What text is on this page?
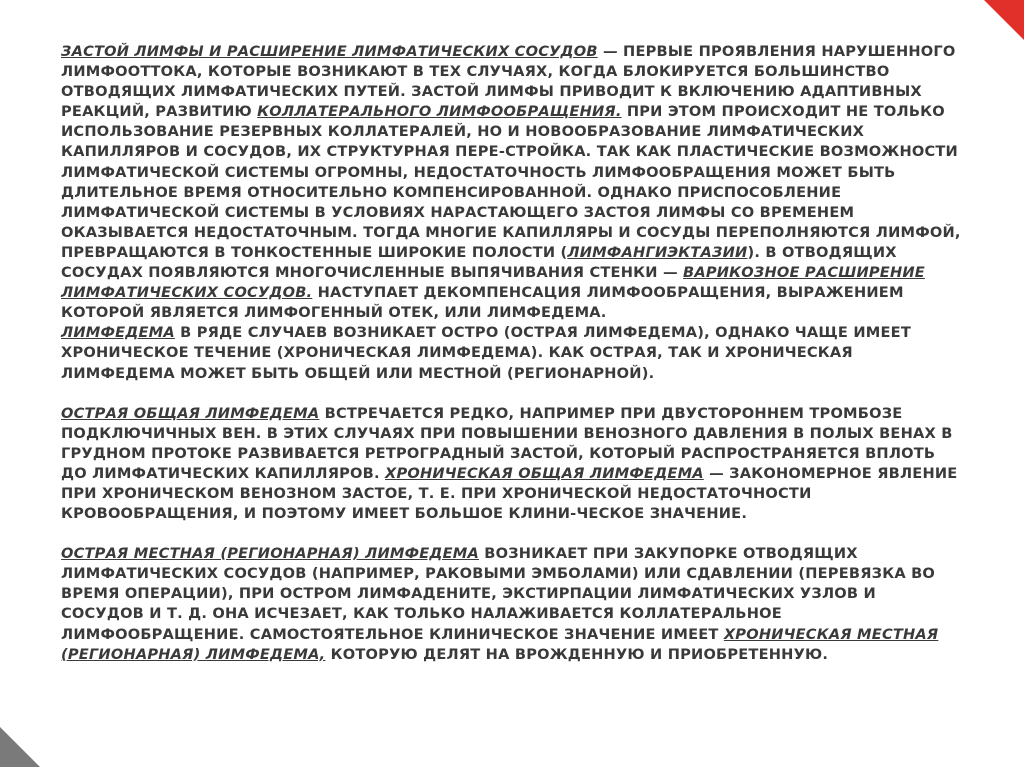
ЗАСТОЙ ЛИМФЫ И РАСШИРЕНИЕ ЛИМФАТИЧЕСКИХ СОСУДОВ — ПЕРВЫЕ ПРОЯВЛЕНИЯ НАРУШЕННОГО ЛИМФООТТОКА, КОТОРЫЕ ВОЗНИКАЮТ В ТЕХ СЛУЧАЯХ, КОГДА БЛОКИРУЕТСЯ БОЛЬШИНСТВО ОТВОДЯЩИХ ЛИМФАТИЧЕСКИХ ПУТЕЙ. ЗАСТОЙ ЛИМФЫ ПРИВОДИТ К ВКЛЮЧЕНИЮ АДАПТИВНЫХ РЕАКЦИЙ, РАЗВИТИЮ КОЛЛАТЕРАЛЬНОГО ЛИМФООБРАЩЕНИЯ. ПРИ ЭТОМ ПРОИСХОДИТ НЕ ТОЛЬКО ИСПОЛЬЗОВАНИЕ РЕЗЕРВНЫХ КОЛЛАТЕРАЛЕЙ, НО И НОВООБРАЗОВАНИЕ ЛИМФАТИЧЕСКИХ КАПИЛЛЯРОВ И СОСУДОВ, ИХ СТРУКТУРНАЯ ПЕРЕ-СТРОЙКА. ТАК КАК ПЛАСТИЧЕСКИЕ ВОЗМОЖНОСТИ ЛИМФАТИЧЕСКОЙ СИСТЕМЫ ОГРОМНЫ, НЕДОСТАТОЧНОСТЬ ЛИМФООБРАЩЕНИЯ МОЖЕТ БЫТЬ ДЛИТЕЛЬНОЕ ВРЕМЯ ОТНОСИТЕЛЬНО КОМПЕНСИРОВАННОЙ. ОДНАКО ПРИСПОСОБЛЕНИЕ ЛИМФАТИЧЕСКОЙ СИСТЕМЫ В УСЛОВИЯХ НАРАСТАЮЩЕГО ЗАСТОЯ ЛИМФЫ СО ВРЕМЕНЕМ ОКАЗЫВАЕТСЯ НЕДОСТАТОЧНЫМ. ТОГДА МНОГИЕ КАПИЛЛЯРЫ И СОСУДЫ ПЕРЕПОЛНЯЮТСЯ ЛИМФОЙ, ПРЕВРАЩАЮТСЯ В ТОНКОСТЕННЫЕ ШИРОКИЕ ПОЛОСТИ (ЛИМФАНГИЭКТАЗИИ). В ОТВОДЯЩИХ СОСУДАХ ПОЯВЛЯЮТСЯ МНОГОЧИСЛЕННЫЕ ВЫПЯЧИВАНИЯ СТЕНКИ — ВАРИКОЗНОЕ РАСШИРЕНИЕ ЛИМФАТИЧЕСКИХ СОСУДОВ. НАСТУПАЕТ ДЕКОМПЕНСАЦИЯ ЛИМФООБРАЩЕНИЯ, ВЫРАЖЕНИЕМ КОТОРОЙ ЯВЛЯЕТСЯ ЛИМФОГЕННЫЙ ОТЕК, ИЛИ ЛИМФЕДЕМА.

ЛИМФЕДЕМА В РЯДЕ СЛУЧАЕВ ВОЗНИКАЕТ ОСТРО (ОСТРАЯ ЛИМФЕДЕМА), ОДНАКО ЧАЩЕ ИМЕЕТ ХРОНИЧЕСКОЕ ТЕЧЕНИЕ (ХРОНИЧЕСКАЯ ЛИМФЕДЕМА). КАК ОСТРАЯ, ТАК И ХРОНИЧЕСКАЯ ЛИМФЕДЕМА МОЖЕТ БЫТЬ ОБЩЕЙ ИЛИ МЕСТНОЙ (РЕГИОНАРНОЙ).

ОСТРАЯ ОБЩАЯ ЛИМФЕДЕМА ВСТРЕЧАЕТСЯ РЕДКО, НАПРИМЕР ПРИ ДВУСТОРОННЕМ ТРОМБОЗЕ ПОДКЛЮЧИЧНЫХ ВЕН. В ЭТИХ СЛУЧАЯХ ПРИ ПОВЫШЕНИИ ВЕНОЗНОГО ДАВЛЕНИЯ В ПОЛЫХ ВЕНАХ В ГРУДНОМ ПРОТОКЕ РАЗВИВАЕТСЯ РЕТРОГРАДНЫЙ ЗАСТОЙ, КОТОРЫЙ РАСПРОСТРАНЯЕТСЯ ВПЛОТЬ ДО ЛИМФАТИЧЕСКИХ КАПИЛЛЯРОВ. ХРОНИЧЕСКАЯ ОБЩАЯ ЛИМФЕДЕМА — ЗАКОНОМЕРНОЕ ЯВЛЕНИЕ ПРИ ХРОНИЧЕСКОМ ВЕНОЗНОМ ЗАСТОЕ, Т. Е. ПРИ ХРОНИЧЕСКОЙ НЕДОСТАТОЧНОСТИ КРОВООБРАЩЕНИЯ, И ПОЭТОМУ ИМЕЕТ БОЛЬШОЕ КЛИНИ-ЧЕСКОЕ ЗНАЧЕНИЕ.

ОСТРАЯ МЕСТНАЯ (РЕГИОНАРНАЯ) ЛИМФЕДЕМА ВОЗНИКАЕТ ПРИ ЗАКУПОРКЕ ОТВОДЯЩИХ ЛИМФАТИЧЕСКИХ СОСУДОВ (НАПРИМЕР, РАКОВЫМИ ЭМБОЛАМИ) ИЛИ СДАВЛЕНИИ (ПЕРЕВЯЗКА ВО ВРЕМЯ ОПЕРАЦИИ), ПРИ ОСТРОМ ЛИМФАДЕНИТЕ, ЭКСТИРПАЦИИ ЛИМФАТИЧЕСКИХ УЗЛОВ И СОСУДОВ И Т. Д. ОНА ИСЧЕЗАЕТ, КАК ТОЛЬКО НАЛАЖИВАЕТСЯ КОЛЛАТЕРАЛЬНОЕ ЛИМФООБРАЩЕНИЕ. САМОСТОЯТЕЛЬНОЕ КЛИНИЧЕСКОЕ ЗНАЧЕНИЕ ИМЕЕТ ХРОНИЧЕСКАЯ МЕСТНАЯ (РЕГИОНАРНАЯ) ЛИМФЕДЕМА, КОТОРУЮ ДЕЛЯТ НА ВРОЖДЕННУЮ И ПРИОБРЕТЕННУЮ.
